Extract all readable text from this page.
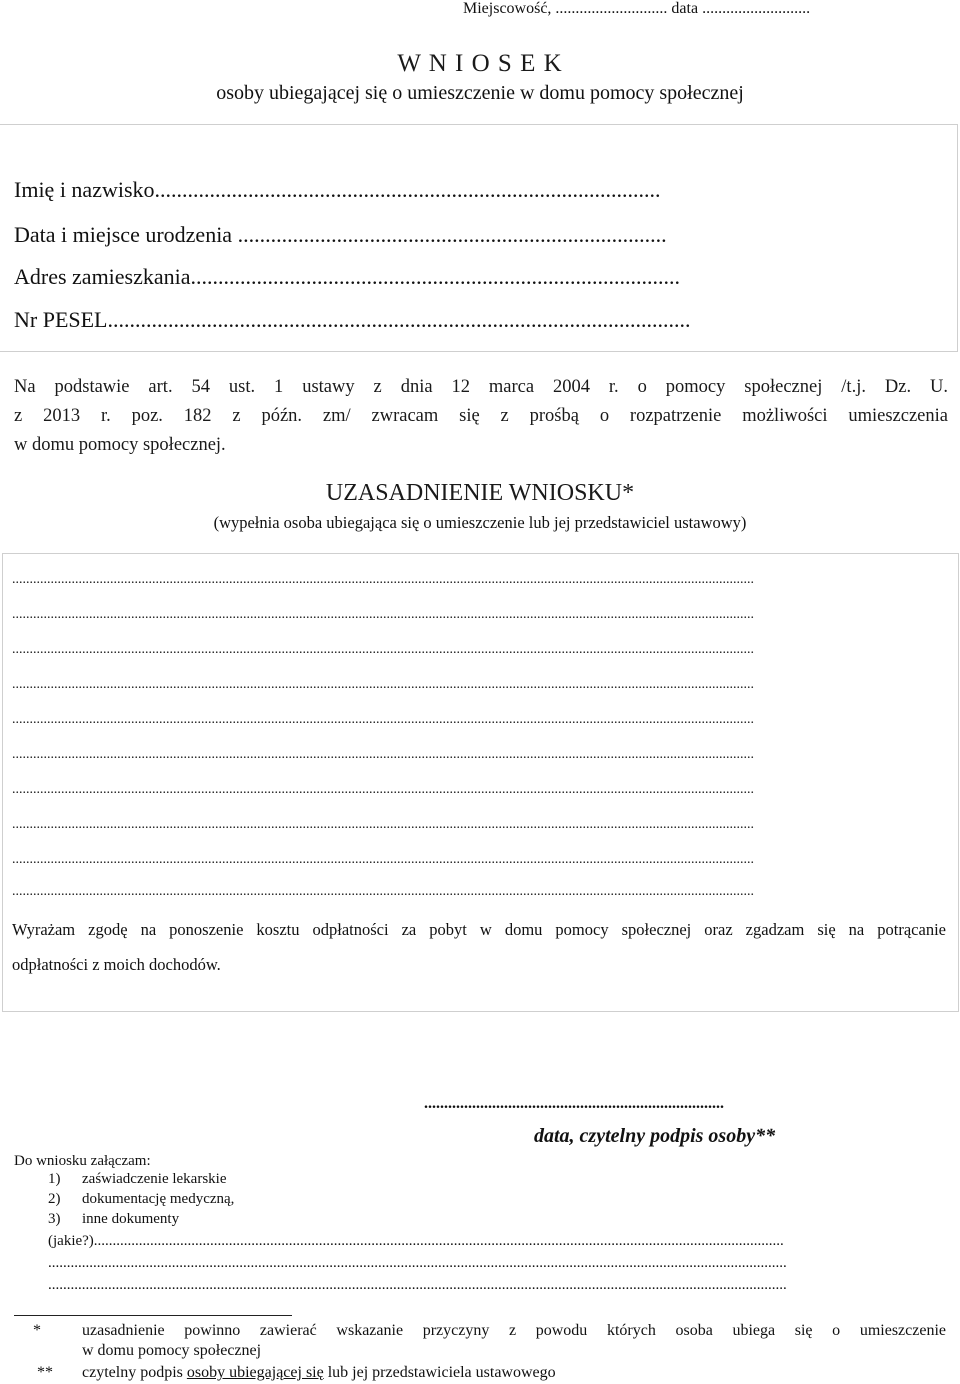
Miejscowość, ............................ data ...........................
W N I O S E K
osoby ubiegającej się o umieszczenie w domu pomocy społecznej
Imię i nazwisko............................................................................................
Data i miejsce urodzenia ..............................................................................
Adres zamieszkania.........................................................................................
Nr PESEL..........................................................................................................
Na podstawie art. 54 ust. 1 ustawy z dnia 12 marca 2004 r. o pomocy społecznej /t.j. Dz. U.
z 2013 r. poz. 182 z późn. zm/ zwracam się z prośbą o rozpatrzenie możliwości umieszczenia
w domu pomocy społecznej.
UZASADNIENIE WNIOSKU*
(wypełnia osoba ubiegająca się o umieszczenie lub jej przedstawiciel ustawowy)
....................................................................................................................................................................................................................
....................................................................................................................................................................................................................
....................................................................................................................................................................................................................
....................................................................................................................................................................................................................
....................................................................................................................................................................................................................
....................................................................................................................................................................................................................
....................................................................................................................................................................................................................
....................................................................................................................................................................................................................
....................................................................................................................................................................................................................
....................................................................................................................................................................................................................
Wyrażam zgodę na ponoszenie kosztu odpłatności za pobyt w domu pomocy społecznej oraz zgadzam się na potrącanie
odpłatności z moich dochodów.
...........................................................................
data, czytelny podpis osoby**
Do wniosku załączam:
1) zaświadczenie lekarskie
2) dokumentację medyczną,
3) inne dokumenty
(jakie?)........................................................................................................................................................................................
.....................................................................................................................................................................................................
.....................................................................................................................................................................................................
*	uzasadnienie powinno zawierać wskazanie przyczyny z powodu których osoba ubiega się o umieszczenie
w domu pomocy społecznej
** czytelny podpis osoby ubiegającej się lub jej przedstawiciela ustawowego
